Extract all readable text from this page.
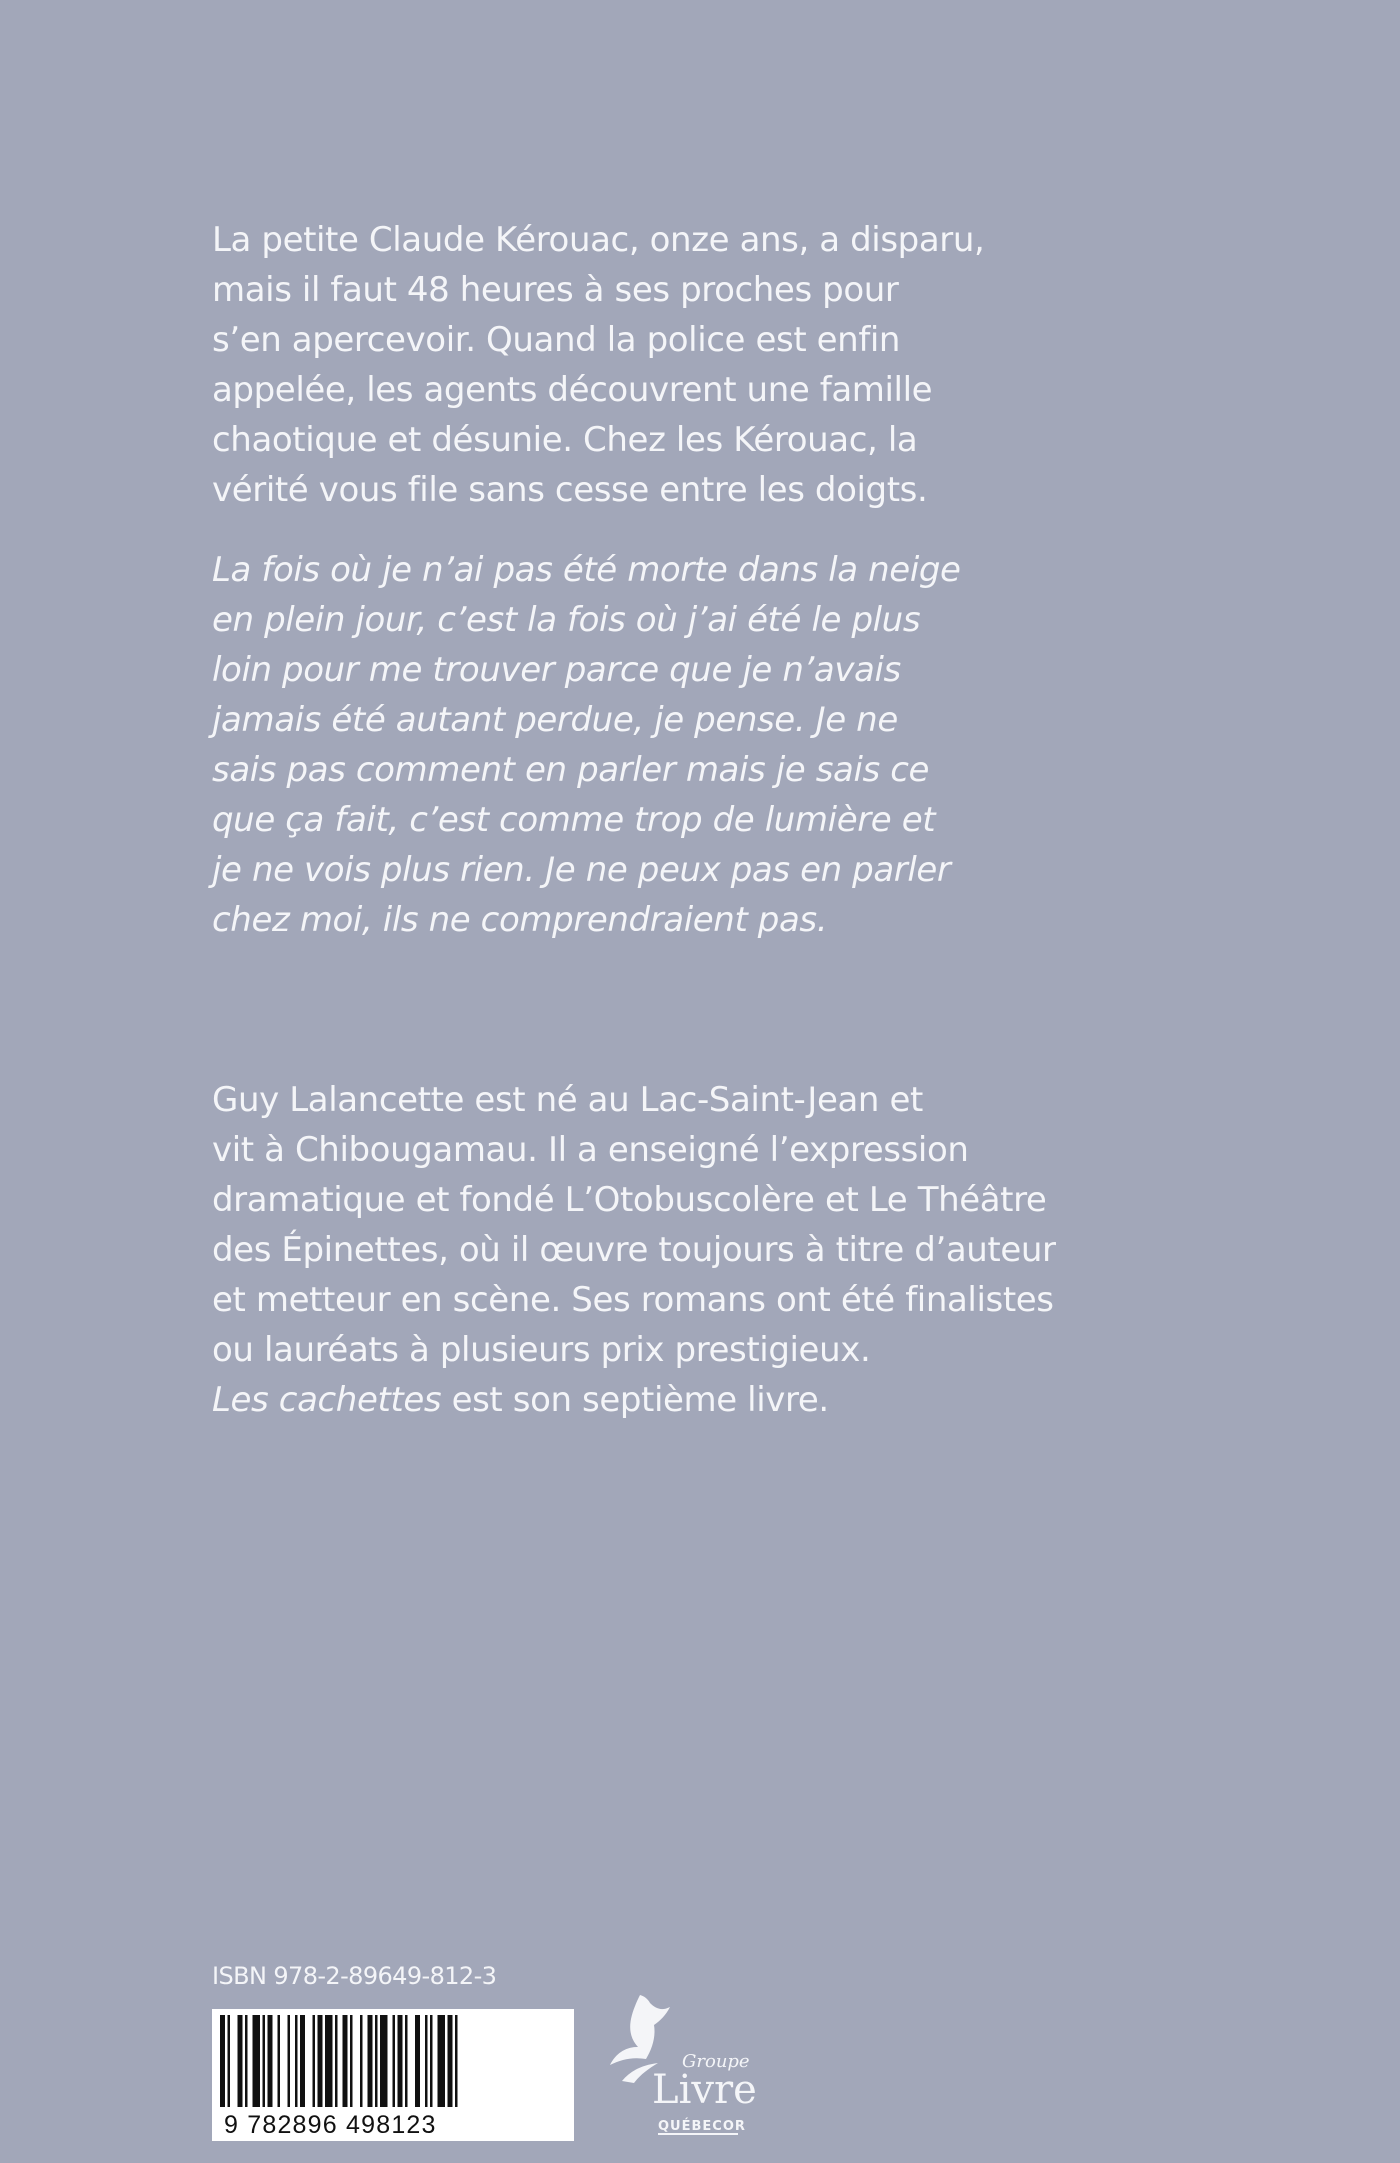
La petite Claude Kérouac, onze ans, a disparu,
mais il faut 48 heures à ses proches pour
s’en apercevoir. Quand la police est enfin
appelée, les agents découvrent une famille
chaotique et désunie. Chez les Kérouac, la
vérité vous file sans cesse entre les doigts.
La fois où je n’ai pas été morte dans la neige
en plein jour, c’est la fois où j’ai été le plus
loin pour me trouver parce que je n’avais
jamais été autant perdue, je pense. Je ne
sais pas comment en parler mais je sais ce
que ça fait, c’est comme trop de lumière et
je ne vois plus rien. Je ne peux pas en parler
chez moi, ils ne comprendraient pas.
Guy Lalancette est né au Lac-Saint-Jean et
vit à Chibougamau. Il a enseigné l’expression
dramatique et fondé L’Otobuscolère et Le Théâtre
des Épinettes, où il œuvre toujours à titre d’auteur
et metteur en scène. Ses romans ont été finalistes
ou lauréats à plusieurs prix prestigieux.
Les cachettes est son septième livre.
ISBN 978-2-89649-812-3
9 782896 498123
Groupe
Livre
QUÉBECOR
